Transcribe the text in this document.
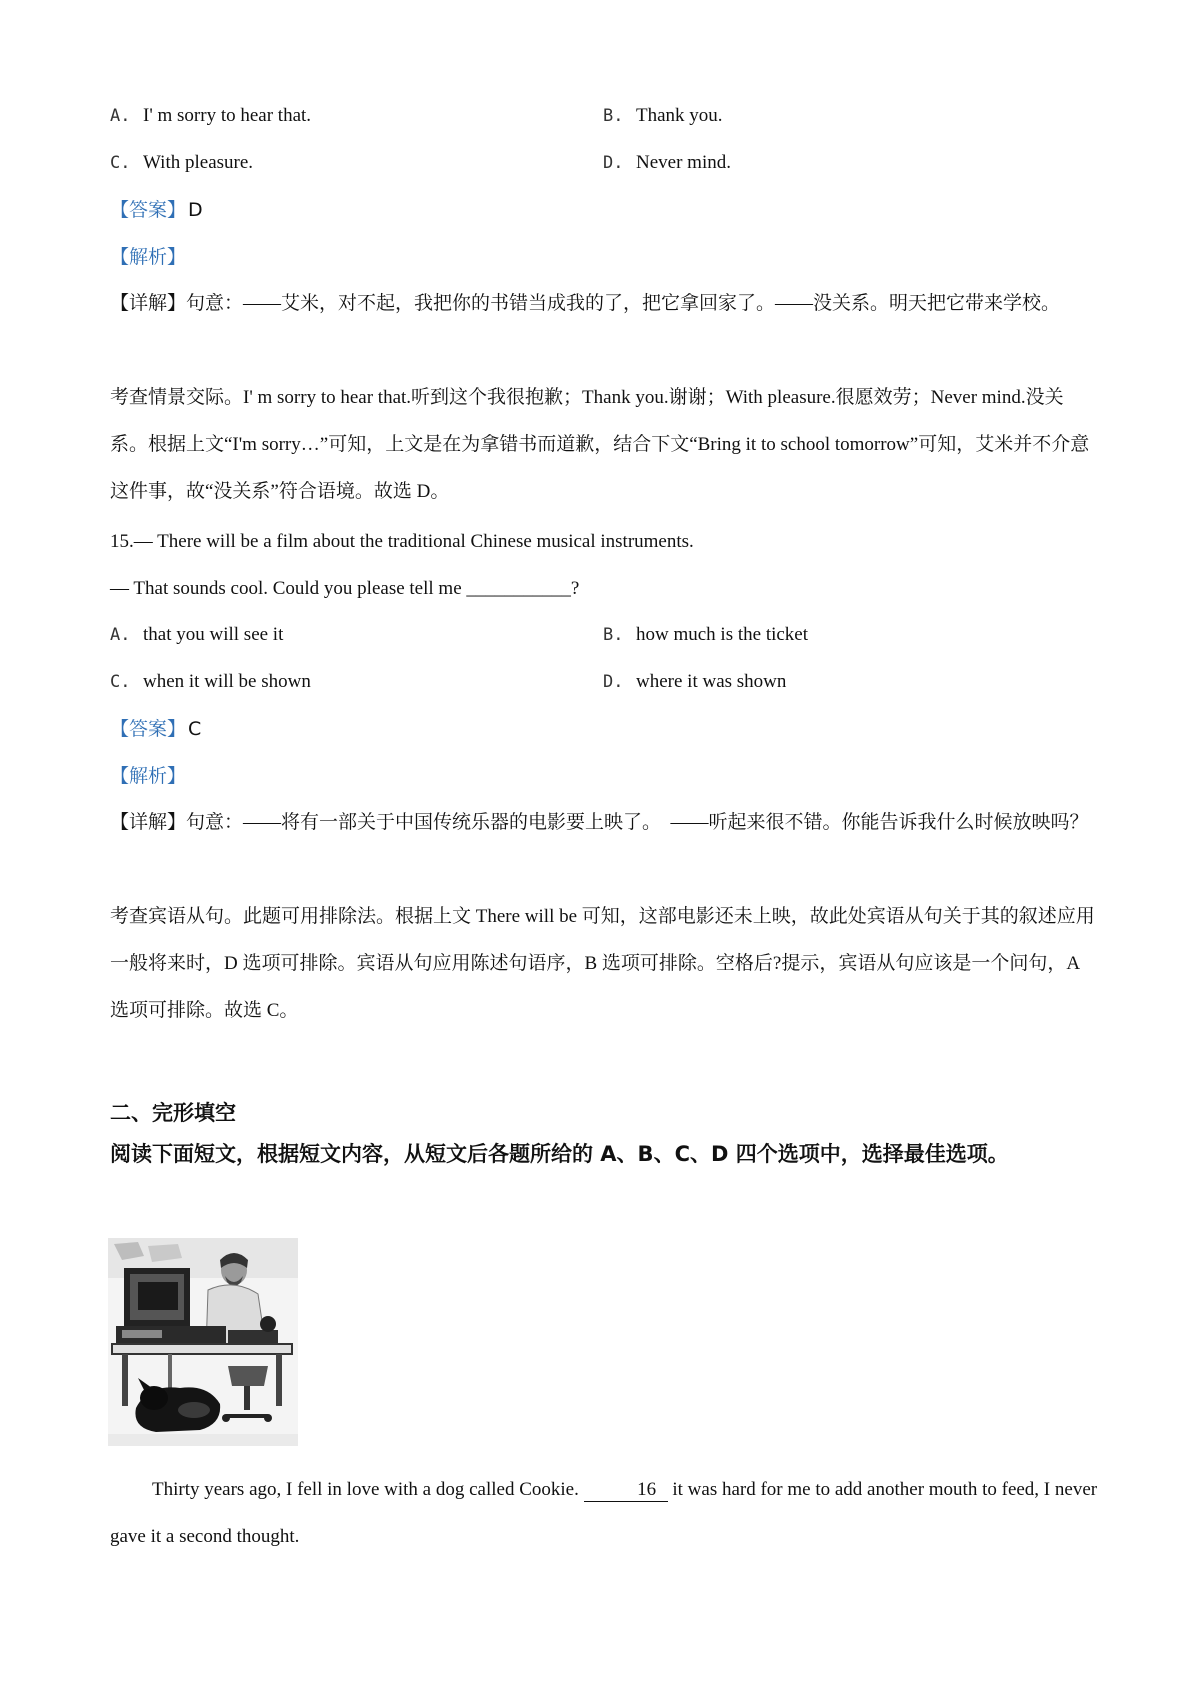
A. I' m sorry to hear that.	B. Thank you.
C. With pleasure.	D. Never mind.
【答案】 D
【解析】
【详解】句意：——艾米，对不起，我把你的书错当成我的了，把它拿回家了。——没关系。明天把它带来学校。
考查情景交际。I' m sorry to hear that.听到这个我很抱歉；Thank you.谢谢；With pleasure.很愿效劳；Never mind.没关系。根据上文“I'm sorry…”可知，上文是在为拿错书而道歉，结合下文“Bring it to school tomorrow”可知，艾米并不介意这件事，故“没关系”符合语境。故选 D。
15.— There will be a film about the traditional Chinese musical instruments.
— That sounds cool. Could you please tell me ___________?
A. that you will see it	B. how much is the ticket
C. when it will be shown	D. where it was shown
【答案】 C
【解析】
【详解】句意：——将有一部关于中国传统乐器的电影要上映了。　——听起来很不错。你能告诉我什么时候放映吗？
考查宾语从句。此题可用排除法。根据上文 There will be 可知，这部电影还未上映，故此处宾语从句关于其的叙述应用一般将来时，D 选项可排除。宾语从句应用陈述句语序，B 选项可排除。空格后?提示，宾语从句应该是一个问句，A 选项可排除。故选 C。
二、完形填空
阅读下面短文，根据短文内容，从短文后各题所给的 A、B、C、D 四个选项中，选择最佳选项。
Thirty years ago, I fell in love with a dog called Cookie.	16 it was hard for me to add another mouth to feed, I never gave it a second thought.
